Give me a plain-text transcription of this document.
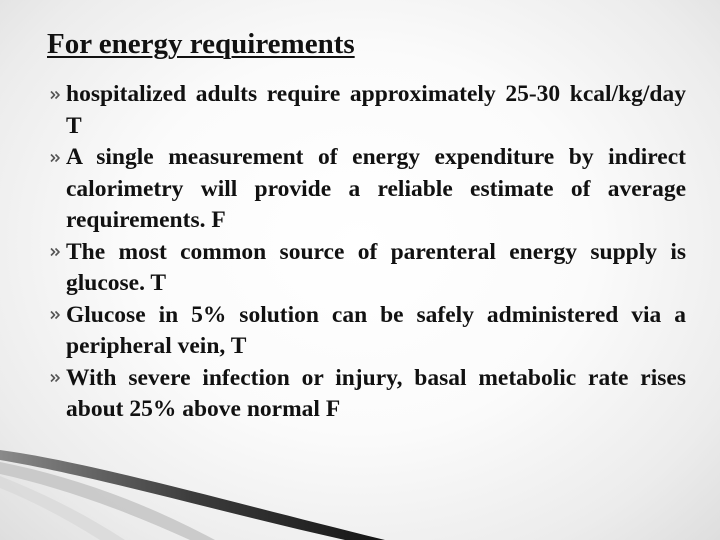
For energy requirements
hospitalized adults require approximately 25-30 kcal/kg/day T
A single measurement of energy expenditure by indirect calorimetry will provide a reliable estimate of average requirements. F
The most common source of parenteral energy supply is glucose. T
Glucose in 5% solution can be safely administered via a peripheral vein, T
With severe infection or injury, basal metabolic rate rises about 25% above normal F
